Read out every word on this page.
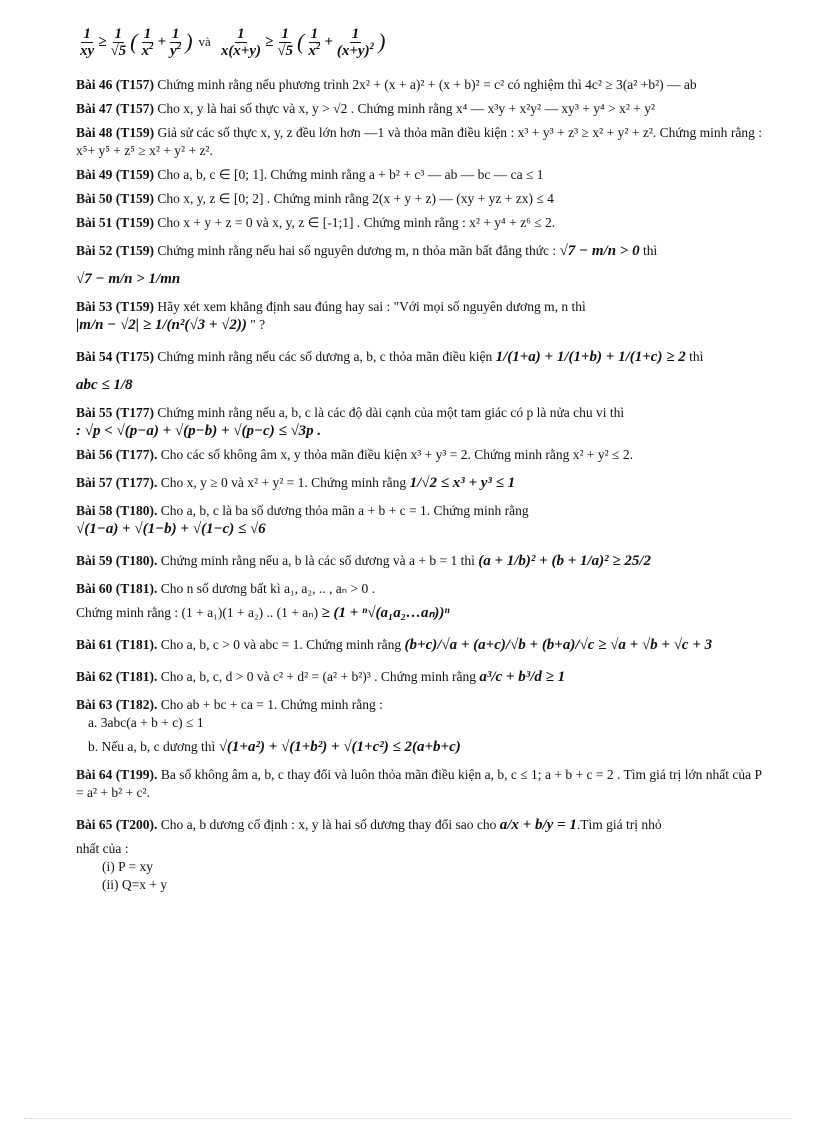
$\frac{1}{xy} \ge \frac{1}{√5}$ ( $\frac{1}{x^2} + \frac{1}{y^2}$ ) và $\frac{1}{x(x+y)} \ge \frac{1}{√5}$ ( $\frac{1}{x^2} + \frac{1}{(x+y)^2}$ )

Bài 46 (T157) Chứng minh rằng nếu phương trình 2x² + (x + a)² + (x + b)² = c² có nghiệm thì 4c² ≥ 3(a² +b²) — ab

Bài 47 (T157) Cho x, y là hai số thực và x, y > √2 . Chứng minh rằng x⁴ — x³y + x²y² — xy³ + y⁴ > x² + y²

Bài 48 (T159) Giả sử các số thực x, y, z đều lớn hơn —1 và thỏa mãn điều kiện : x³ + y³ + z³ ≥ x² + y² + z². Chứng minh rằng : x⁵+ y⁵ + z⁵ ≥ x² + y² + z².

Bài 49 (T159) Cho a, b, c ∈ [0; 1]. Chứng minh rằng a + b² + c³ — ab — bc — ca ≤ 1

Bài 50 (T159) Cho x, y, z ∈ [0; 2] . Chứng minh rằng 2(x + y + z) — (xy + yz + zx) ≤ 4

Bài 51 (T159) Cho x + y + z = 0 và x, y, z ∈ [-1;1] . Chứng minh rằng : x² + y⁴ + z⁶ ≤ 2.

Bài 52 (T159)
Chứng minh rằng nếu hai số nguyên dương m, n thỏa mãn bất đẳng thức :
√7 − m/n > 0
thì
√7 − m/n > 1/mn
Bài 53 (T159) Hãy xét xem khẳng định sau đúng hay sai : "Với mọi số nguyên dương m, n thì
|m/n − √2| ≥ 1/(n²(√3 + √2))
" ?
Bài 54 (T175)
Chứng minh rằng nếu các số dương a, b, c thỏa mãn điều kiện
1/(1+a) + 1/(1+b) + 1/(1+c) ≥ 2
thì
abc ≤ 1/8
Bài 55 (T177) Chứng minh rằng nếu a, b, c là các độ dài cạnh của một tam giác có p là nửa chu vi thì
: √p < √(p−a) + √(p−b) + √(p−c) ≤ √3p .

Bài 56 (T177). Cho các số không âm x, y thỏa mãn điều kiện x³ + y³ = 2. Chứng minh rằng x² + y² ≤ 2.

Bài 57 (T177).
Cho x, y ≥ 0 và x² + y² = 1. Chứng minh rằng
1/√2 ≤ x³ + y³ ≤ 1
Bài 58 (T180). Cho a, b, c là ba số dương thỏa mãn a + b + c = 1. Chứng minh rằng
√(1−a) + √(1−b) + √(1−c) ≤ √6
Bài 59 (T180).
Chứng minh rằng nếu a, b là các số dương và a + b = 1 thì
(a + 1/b)² + (b + 1/a)² ≥ 25/2
Bài 60 (T181). Cho n số dương bất kì a₁, a₂, .. , aₙ > 0 .
Chứng minh rằng : (1 + a₁)(1 + a₂) .. (1 + aₙ)
≥ (1 + ⁿ√(a₁a₂…aₙ))ⁿ
Bài 61 (T181).
Cho a, b, c > 0 và abc = 1. Chứng minh rằng
(b+c)/√a + (a+c)/√b + (b+a)/√c ≥ √a + √b + √c + 3
Bài 62 (T181).
Cho a, b, c, d > 0 và c² + d² = (a² + b²)³ . Chứng minh rằng
a³/c + b³/d ≥ 1
Bài 63 (T182). Cho ab + bc + ca = 1. Chứng minh rằng :
a. 3abc(a + b + c) ≤ 1
b. Nếu a, b, c dương thì
√(1+a²) + √(1+b²) + √(1+c²) ≤ 2(a+b+c)

Bài 64 (T199). Ba số không âm a, b, c thay đổi và luôn thỏa mãn điều kiện a, b, c ≤ 1; a + b + c = 2 . Tìm giá trị lớn nhất của P = a² + b² + c².

Bài 65 (T200).
Cho a, b dương cố định : x, y là hai số dương thay đổi sao cho
a/x + b/y = 1 .Tìm giá trị nhỏ
nhất của :
(i) P = xy
(ii) Q=x + y
